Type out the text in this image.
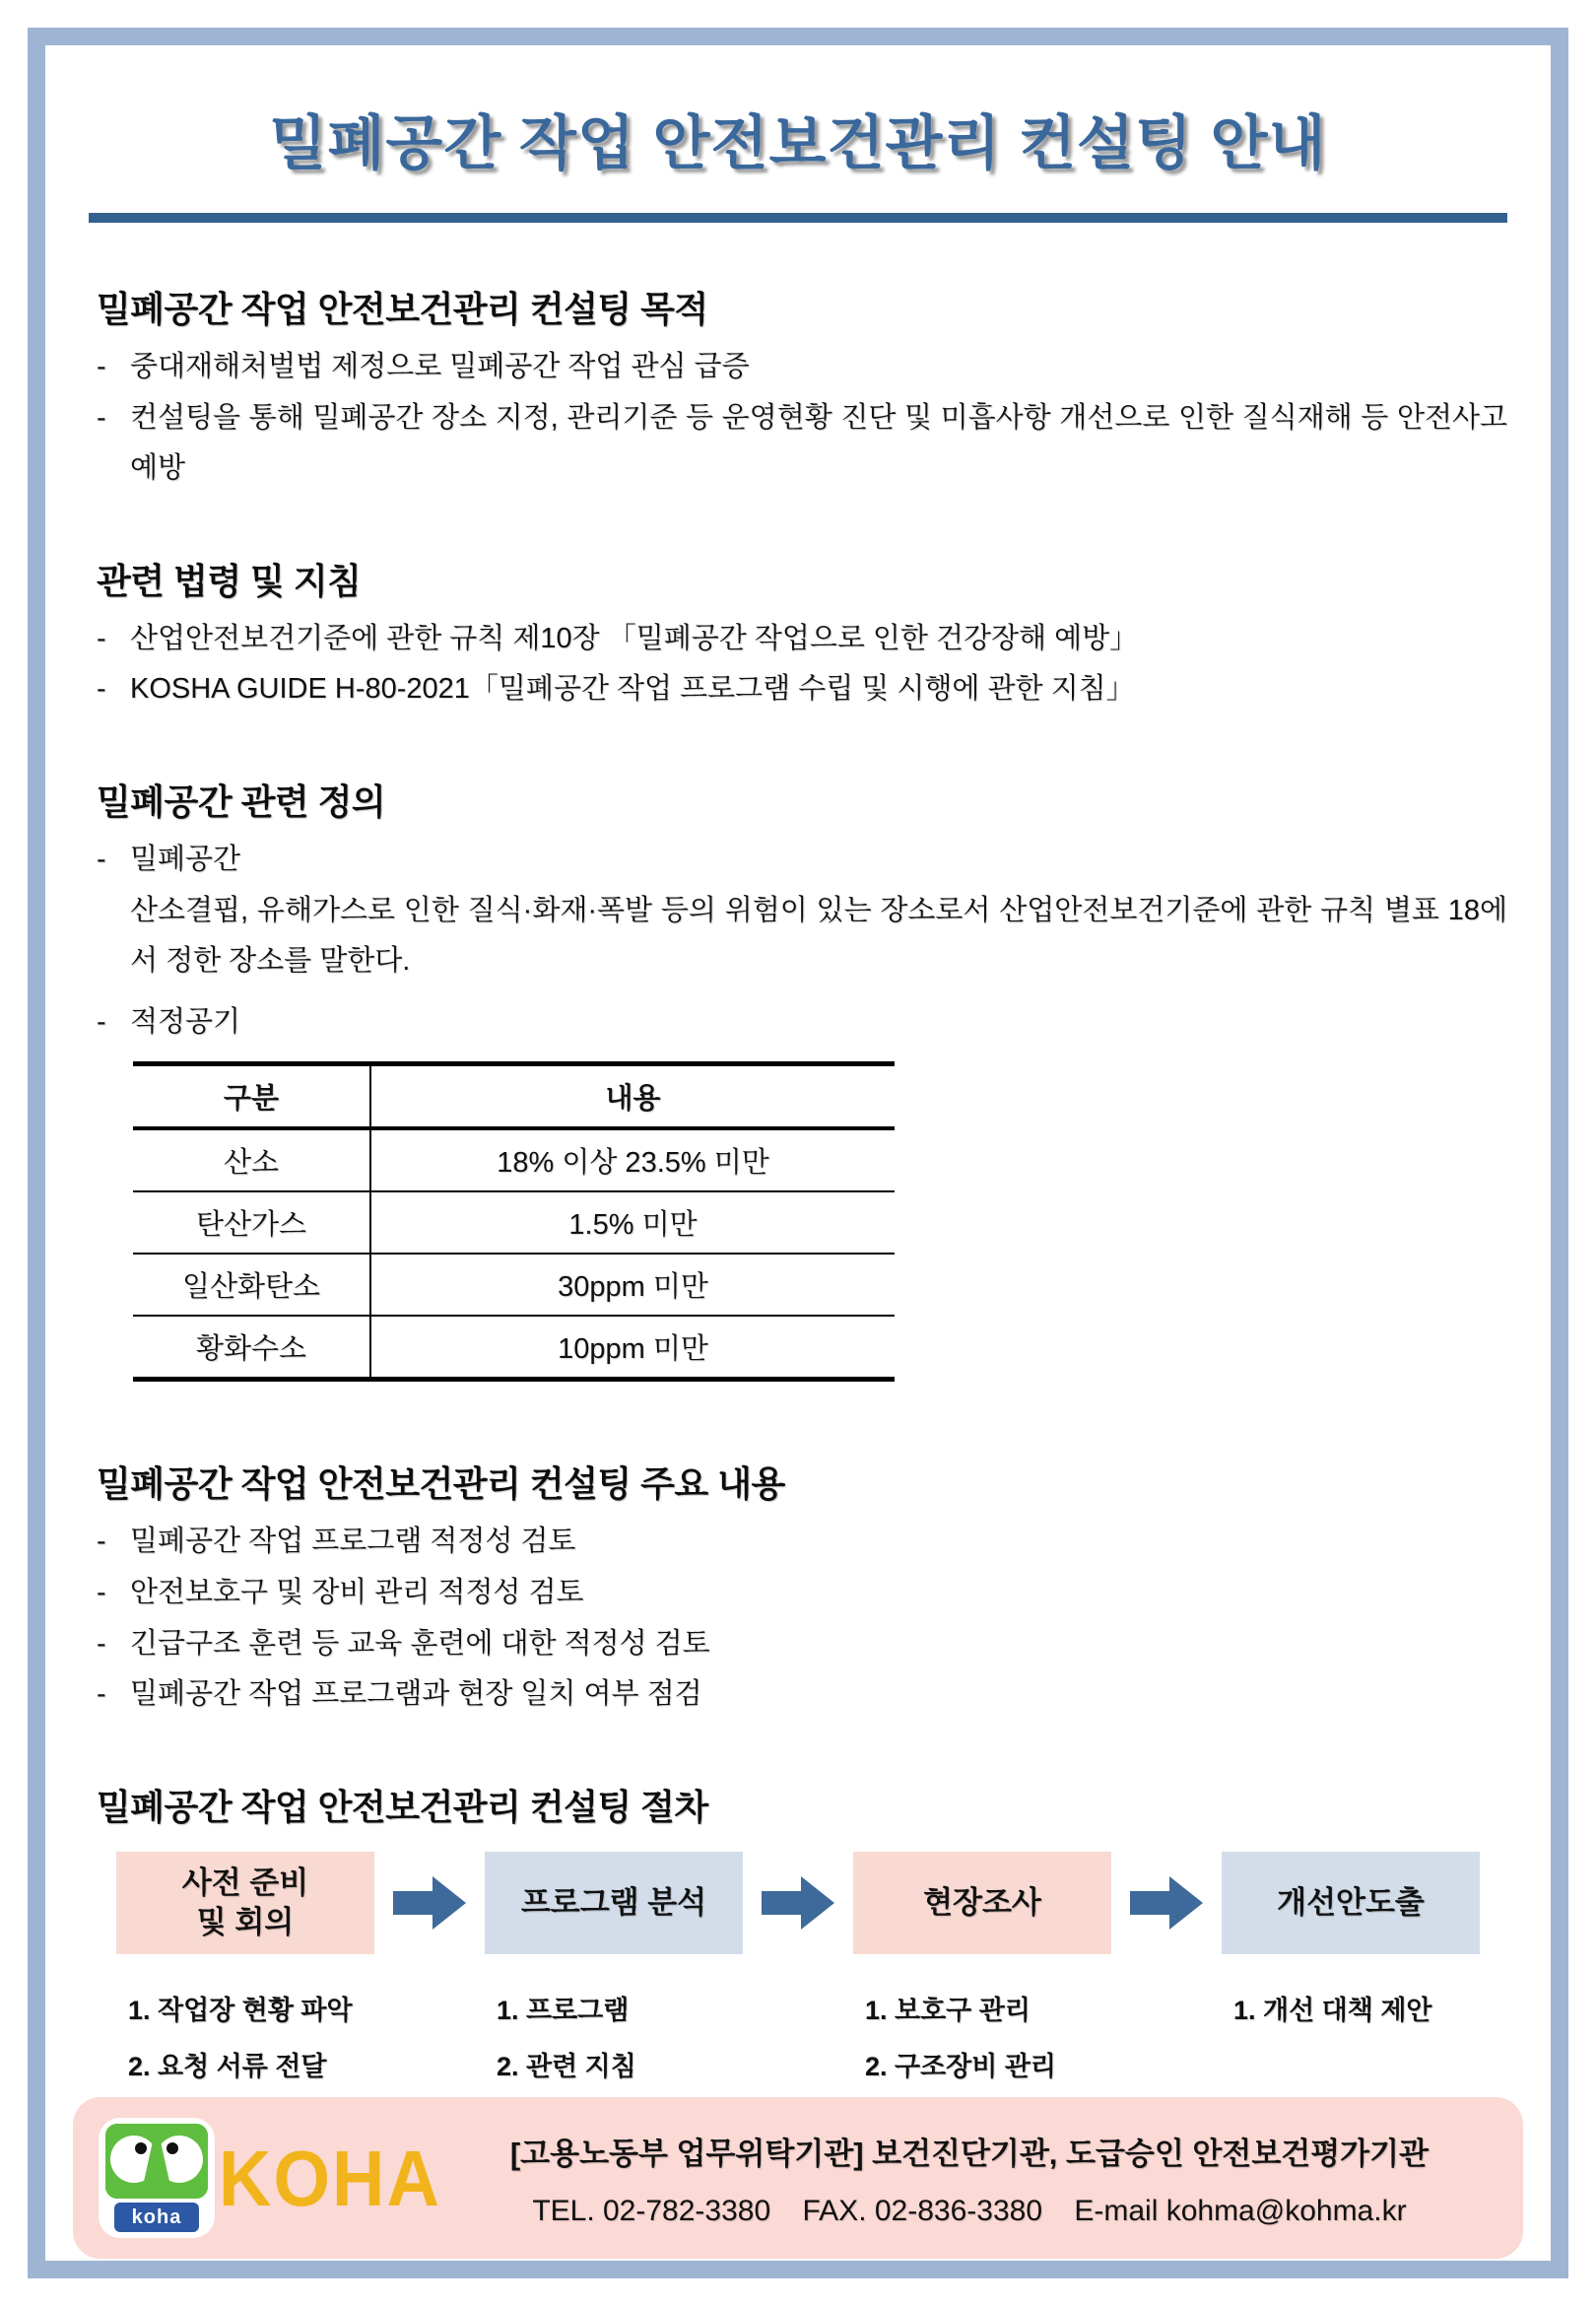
밀폐공간 작업 안전보건관리 컨설팅 안내
밀폐공간 작업 안전보건관리 컨설팅 목적
- 중대재해처벌법 제정으로 밀폐공간 작업 관심 급증
- 컨설팅을 통해 밀폐공간 장소 지정, 관리기준 등 운영현황 진단 및 미흡사항 개선으로 인한 질식재해 등 안전사고 예방
관련 법령 및 지침
- 산업안전보건기준에 관한 규칙 제10장 「밀폐공간 작업으로 인한 건강장해 예방」
- KOSHA GUIDE H-80-2021「밀폐공간 작업 프로그램 수립 및 시행에 관한 지침」
밀폐공간 관련 정의
- 밀폐공간
산소결핍, 유해가스로 인한 질식·화재·폭발 등의 위험이 있는 장소로서 산업안전보건기준에 관한 규칙 별표 18에서 정한 장소를 말한다.
- 적정공기
구분	내용
산소	18% 이상 23.5% 미만
탄산가스	1.5% 미만
일산화탄소	30ppm 미만
황화수소	10ppm 미만
밀폐공간 작업 안전보건관리 컨설팅 주요 내용
- 밀폐공간 작업 프로그램 적정성 검토
- 안전보호구 및 장비 관리 적정성 검토
- 긴급구조 훈련 등 교육 훈련에 대한 적정성 검토
- 밀폐공간 작업 프로그램과 현장 일치 여부 점검
밀폐공간 작업 안전보건관리 컨설팅 절차
사전 준비
및 회의
프로그램 분석	현장조사	개선안도출
1. 작업장 현황 파악
2. 요청 서류 전달
1. 프로그램
2. 관련 지침
1. 보호구 관리
2. 구조장비 관리
1. 개선 대책 제안
koha KOHA	[고용노동부 업무위탁기관] 보건진단기관, 도급승인 안전보건평가기관
TEL. 02-782-3380 FAX. 02-836-3380 E-mail kohma@kohma.kr
